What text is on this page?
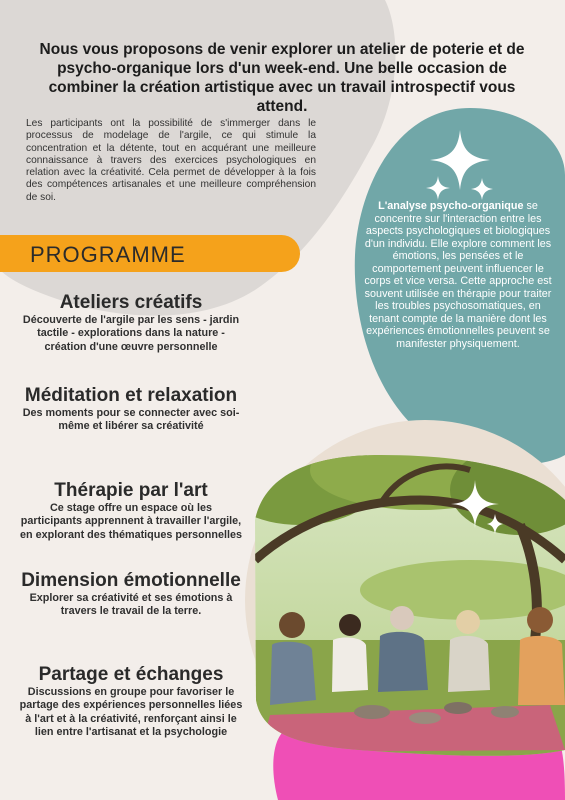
Nous vous proposons de venir explorer un atelier de poterie et de psycho-organique lors d'un week-end. Une belle occasion de combiner la création artistique avec un travail introspectif vous attend.
Les participants ont la possibilité de s'immerger dans le processus de modelage de l'argile, ce qui stimule la concentration et la détente, tout en acquérant une meilleure connaissance à travers des exercices psychologiques en relation avec la créativité. Cela permet de développer à la fois des compétences artisanales et une meilleure compréhension de soi.
PROGRAMME
Ateliers créatifs

Découverte de l'argile par les sens - jardin tactile - explorations dans la nature - création d'une œuvre personnelle

Méditation et relaxation

Des moments pour se connecter avec soi-même et libérer sa créativité

Thérapie par l'art

Ce stage offre un espace où les participants apprennent à travailler l'argile, en explorant des thématiques personnelles

Dimension émotionnelle

Explorer sa créativité et ses émotions à travers le travail de la terre.

Partage et échanges

Discussions en groupe pour favoriser le partage des expériences personnelles liées à l'art et à la créativité, renforçant ainsi le lien entre l'artisanat et la psychologie

L'analyse psycho-organique se concentre sur l'interaction entre les aspects psychologiques et biologiques d'un individu. Elle explore comment les émotions, les pensées et le comportement peuvent influencer le corps et vice versa. Cette approche est souvent utilisée en thérapie pour traiter les troubles psychosomatiques, en tenant compte de la manière dont les expériences émotionnelles peuvent se manifester physiquement.
